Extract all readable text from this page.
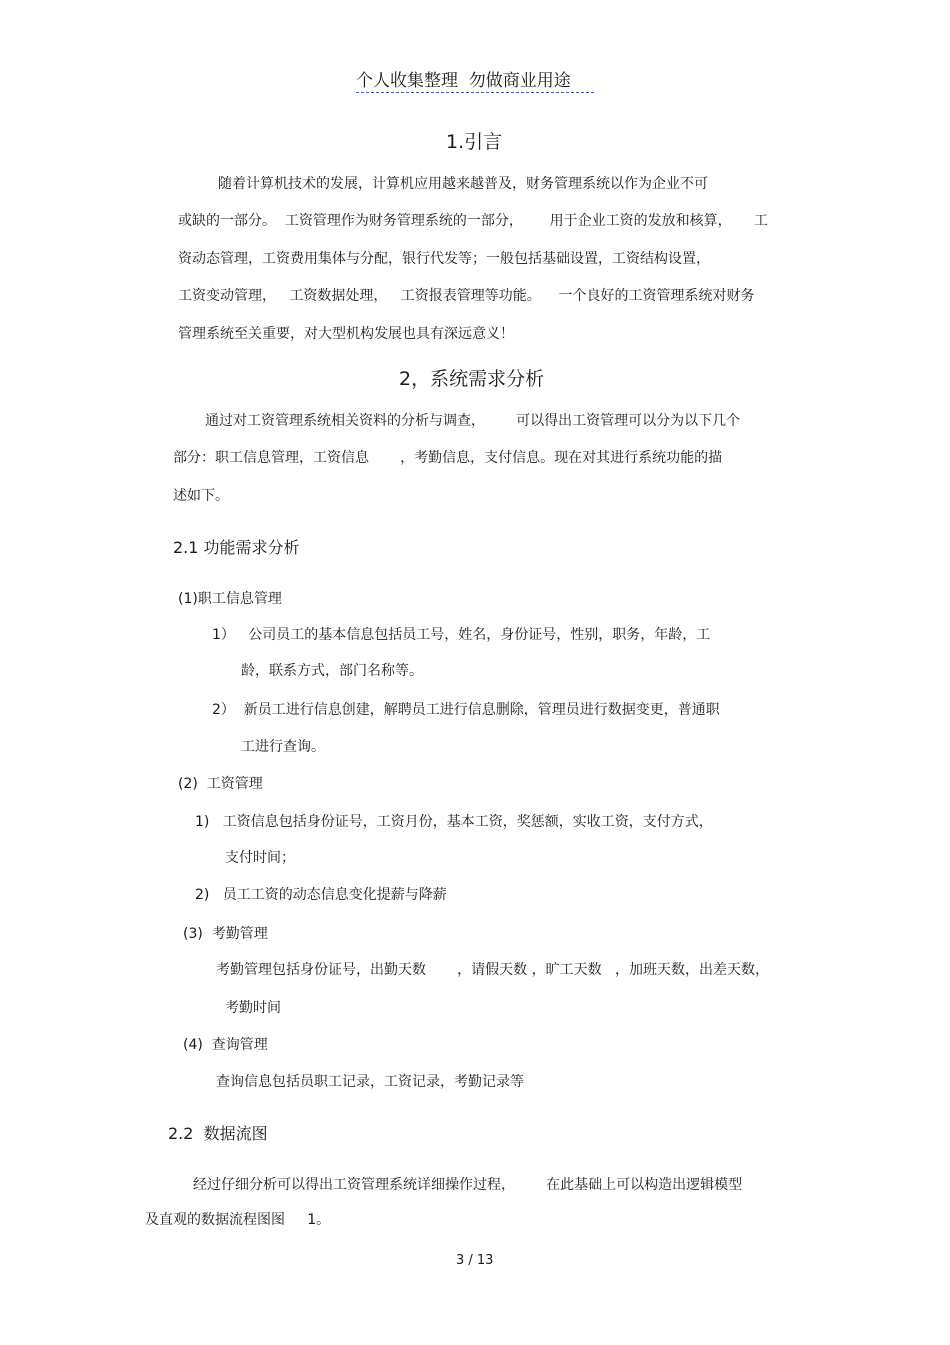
个人收集整理  勿做商业用途
1.引言
随着计算机技术的发展，计算机应用越来越普及，财务管理系统以作为企业不可
或缺的一部分。  工资管理作为财务管理系统的一部分，      用于企业工资的发放和核算，     工
资动态管理，工资费用集体与分配，银行代发等；一般包括基础设置，工资结构设置，
工资变动管理，   工资数据处理，   工资报表管理等功能。    一个良好的工资管理系统对财务
管理系统至关重要，对大型机构发展也具有深远意义！
2，系统需求分析
通过对工资管理系统相关资料的分析与调查，       可以得出工资管理可以分为以下几个
部分：职工信息管理，工资信息       ，考勤信息，支付信息。现在对其进行系统功能的描
述如下。
2.1 功能需求分析
(1)职工信息管理
1）   公司员工的基本信息包括员工号，姓名，身份证号，性别，职务，年龄，工
龄，联系方式，部门名称等。
2）  新员工进行信息创建，解聘员工进行信息删除，管理员进行数据变更，普通职
工进行查询。
(2)  工资管理
1)   工资信息包括身份证号，工资月份，基本工资，奖惩额，实收工资，支付方式，
支付时间；
2)   员工工资的动态信息变化提薪与降薪
(3)  考勤管理
考勤管理包括身份证号，出勤天数       ，请假天数 ，旷工天数   ，加班天数，出差天数，
考勤时间
(4)  查询管理
查询信息包括员职工记录，工资记录，考勤记录等
2.2  数据流图
经过仔细分析可以得出工资管理系统详细操作过程，       在此基础上可以构造出逻辑模型
及直观的数据流程图图     1。
3 / 13
